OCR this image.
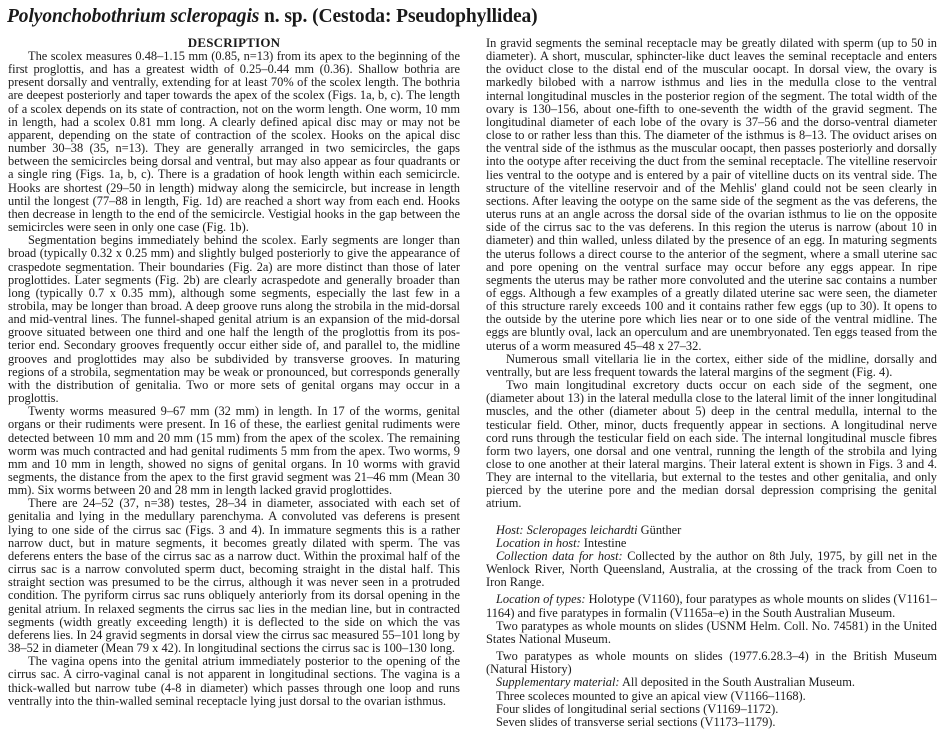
Polyonchobothrium scleropagis n. sp. (Cestoda: Pseudophyllidea)
DESCRIPTION

The scolex measures 0.48–1.15 mm (0.85, n=13) from its apex to the beginning of the first proglottis, and has a greatest width of 0.25–0.44 mm (0.36). Shallow bothria are present dorsally and ventrally, extending for at least 70% of the scolex length. The bothria are deepest posteriorly and taper towards the apex of the scolex (Figs. 1a, b, c). The length of a scolex depends on its state of contraction, not on the worm length. One worm, 10 mm in length, had a scolex 0.81 mm long. A clearly defined apical disc may or may not be apparent, depending on the state of contraction of the scolex. Hooks on the apical disc number 30–38 (35, n=13). They are generally arranged in two semicircles, the gaps between the semicircles being dorsal and ventral, but may also appear as four quadrants or a single ring (Figs. 1a, b, c). There is a gradation of hook length within each semicircle. Hooks are shortest (29–50 in length) midway along the semicircle, but increase in length until the longest (77–88 in length, Fig. 1d) are reached a short way from each end. Hooks then decrease in length to the end of the semicircle. Vestigial hooks in the gap between the semicircles were seen in only one case (Fig. 1b).

Segmentation begins immediately behind the scolex. Early segments are longer than broad (typically 0.32 x 0.25 mm) and slightly bulged posteriorly to give the appearance of craspedote segmentation. Their boundaries (Fig. 2a) are more distinct than those of later proglottides. Later segments (Fig. 2b) are clearly acraspedote and generally broader than long (typically 0.7 x 0.35 mm), although some segments, especially the last few in a strobila, may be longer than broad. A deep groove runs along the strobila in the mid-dorsal and mid-ventral lines. The funnel-shaped genital atrium is an expansion of the mid-dorsal groove situated between one third and one half the length of the proglottis from its posterior end. Secondary grooves frequently occur either side of, and parallel to, the midline grooves and proglottides may also be subdivided by transverse grooves. In maturing regions of a strobila, segmentation may be weak or pronounced, but corresponds generally with the distribution of genitalia. Two or more sets of genital organs may occur in a proglottis.

Twenty worms measured 9–67 mm (32 mm) in length. In 17 of the worms, genital organs or their rudiments were present. In 16 of these, the earliest genital rudiments were detected between 10 mm and 20 mm (15 mm) from the apex of the scolex. The remaining worm was much contracted and had genital rudiments 5 mm from the apex. Two worms, 9 mm and 10 mm in length, showed no signs of genital organs. In 10 worms with gravid segments, the distance from the apex to the first gravid segment was 21–46 mm (Mean 30 mm). Six worms between 20 and 28 mm in length lacked gravid proglottides.

There are 24–52 (37, n=38) testes, 28–34 in diameter, associated with each set of genitalia and lying in the medullary parenchyma. A convoluted vas deferens is present lying to one side of the cirrus sac (Figs. 3 and 4). In immature segments this is a rather narrow duct, but in mature segments, it becomes greatly dilated with sperm. The vas deferens enters the base of the cirrus sac as a narrow duct. Within the proximal half of the cirrus sac is a narrow convoluted sperm duct, becoming straight in the distal half. This straight section was presumed to be the cirrus, although it was never seen in a protruded condition. The pyriform cirrus sac runs obliquely anteriorly from its dorsal opening in the genital atrium. In relaxed segments the cirrus sac lies in the median line, but in contracted segments (width greatly exceeding length) it is deflected to the side on which the vas deferens lies. In 24 gravid segments in dorsal view the cirrus sac measured 55–101 long by 38–52 in diameter (Mean 79 x 42). In longitudinal sections the cirrus sac is 100–130 long.

The vagina opens into the genital atrium immediately posterior to the opening of the cirrus sac. A cirro-vaginal canal is not apparent in longitudinal sections. The vagina is a thick-walled but narrow tube (4-8 in diameter) which passes through one loop and runs ventrally into the thin-walled seminal receptacle lying just dorsal to the ovarian isthmus.

In gravid segments the seminal receptacle may be greatly dilated with sperm (up to 50 in diameter). A short, muscular, sphincter-like duct leaves the seminal receptacle and enters the oviduct close to the distal end of the muscular oocapt. In dorsal view, the ovary is markedly bilobed with a narrow isthmus and lies in the medulla close to the ventral internal longitudinal muscles in the posterior region of the segment. The total width of the ovary is 130–156, about one-fifth to one-seventh the width of the gravid segment. The longitudinal diameter of each lobe of the ovary is 37–56 and the dorso-ventral diameter close to or rather less than this. The diameter of the isthmus is 8–13. The oviduct arises on the ventral side of the isthmus as the muscular oocapt, then passes posteriorly and dorsally into the ootype after receiving the duct from the seminal receptacle. The vitelline reservoir lies ventral to the ootype and is entered by a pair of vitelline ducts on its ventral side. The structure of the vitelline reservoir and of the Mehlis' gland could not be seen clearly in sections. After leaving the ootype on the same side of the segment as the vas deferens, the uterus runs at an angle across the dorsal side of the ovarian isthmus to lie on the opposite side of the cirrus sac to the vas deferens. In this region the uterus is narrow (about 10 in diameter) and thin walled, unless dilated by the presence of an egg. In maturing segments the uterus follows a direct course to the anterior of the segment, where a small uterine sac and pore opening on the ventral surface may occur before any eggs appear. In ripe segments the uterus may be rather more convoluted and the uterine sac contains a number of eggs. Although a few examples of a greatly dilated uterine sac were seen, the diameter of this structure rarely exceeds 100 and it contains rather few eggs (up to 30). It opens to the outside by the uterine pore which lies near or to one side of the ventral midline. The eggs are bluntly oval, lack an operculum and are unembryonated. Ten eggs teased from the uterus of a worm measured 45–48 x 27–32.

Numerous small vitellaria lie in the cortex, either side of the midline, dorsally and ventrally, but are less frequent towards the lateral margins of the segment (Fig. 4).

Two main longitudinal excretory ducts occur on each side of the segment, one (diameter about 13) in the lateral medulla close to the lateral limit of the inner longitudinal muscles, and the other (diameter about 5) deep in the central medulla, internal to the testicular field. Other, minor, ducts frequently appear in sections. A longitudinal nerve cord runs through the testicular field on each side. The internal longitudinal muscle fibres form two layers, one dorsal and one ventral, running the length of the strobila and lying close to one another at their lateral margins. Their lateral extent is shown in Figs. 3 and 4. They are internal to the vitellaria, but external to the testes and other genitalia, and only pierced by the uterine pore and the median dorsal depression comprising the genital atrium.

Host: Scleropages leichardti Günther

Location in host: Intestine

Collection data for host: Collected by the author on 8th July, 1975, by gill net in the Wenlock River, North Queensland, Australia, at the crossing of the track from Coen to Iron Range.

Location of types: Holotype (V1160), four paratypes as whole mounts on slides (V1161–1164) and five paratypes in formalin (V1165a–e) in the South Australian Museum.

Two paratypes as whole mounts on slides (USNM Helm. Coll. No. 74581) in the United States National Museum.

Two paratypes as whole mounts on slides (1977.6.28.3–4) in the British Museum (Natural History)

Supplementary material: All deposited in the South Australian Museum.

Three scoleces mounted to give an apical view (V1166–1168).

Four slides of longitudinal serial sections (V1169–1172).

Seven slides of transverse serial sections (V1173–1179).
